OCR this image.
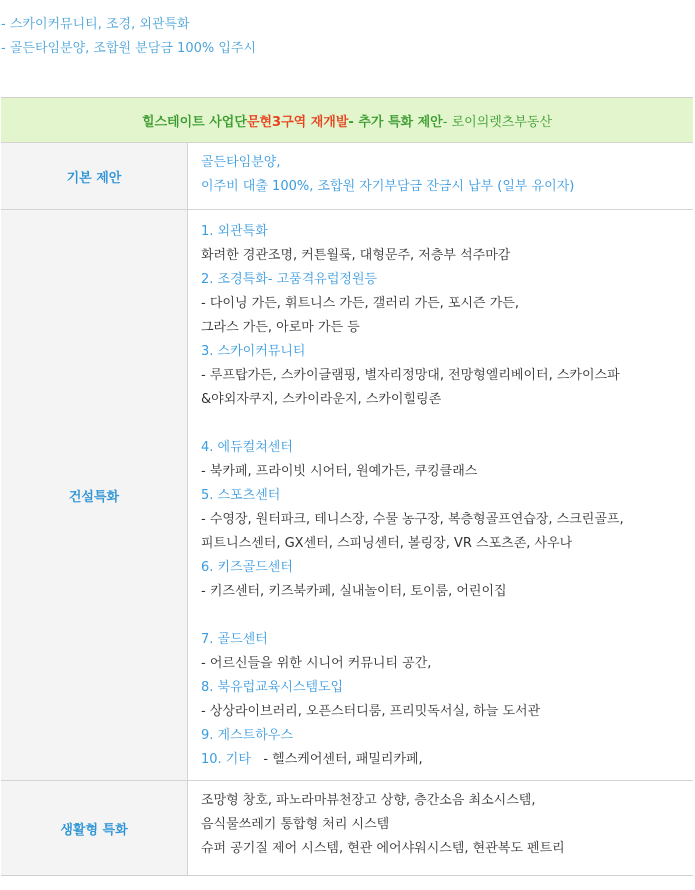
- 스카이커뮤니티, 조경, 외관특화
- 골든타임분양, 조합원 분담금 100% 입주시
힐스테이트 사업단 문현3구역 재개발 - 추가 특화 제안 - 로이의렛츠부동산
기본 제안
골든타임분양,
이주비 대출 100%, 조합원 자기부담금 잔금시 납부 (일부 유이자)
건설특화
1. 외관특화
화려한 경관조명, 커튼월룩, 대형문주, 저층부 석주마감
2. 조경특화- 고품격유럽정원등
- 다이닝 가든, 휘트니스 가든, 갤러리 가든, 포시즌 가든,
그라스 가든, 아로마 가든 등
3. 스카이커뮤니티
- 루프탑가든, 스카이글램핑, 별자리정망대, 전망형엘리베이터, 스카이스파
&야외자쿠지, 스카이라운지, 스카이힐링존
4. 에듀컬쳐센터
- 북카페, 프라이빗 시어터, 원예가든, 쿠킹클래스
5. 스포츠센터
- 수영장, 원터파크, 테니스장, 수물 농구장, 복층형골프연습장, 스크린골프,
피트니스센터, GX센터, 스피닝센터, 볼링장, VR 스포츠존, 사우나
6. 키즈골드센터
- 키즈센터, 키즈북카페, 실내놀이터, 토이룸, 어린이집
7. 골드센터
- 어르신들을 위한 시니어 커뮤니티 공간,
8. 북유럽교육시스템도입
- 상상라이브러리, 오픈스터디룸, 프리밋독서실, 하늘 도서관
9. 게스트하우스
10. 기타   - 헬스케어센터, 패밀리카페,
생활형 특화
조망형 창호, 파노라마뷰천장고 상향, 층간소음 최소시스템,
음식물쓰레기 통합형 처리 시스템
슈퍼 공기질 제어 시스템, 현관 에어샤워시스템, 현관복도 펜트리
